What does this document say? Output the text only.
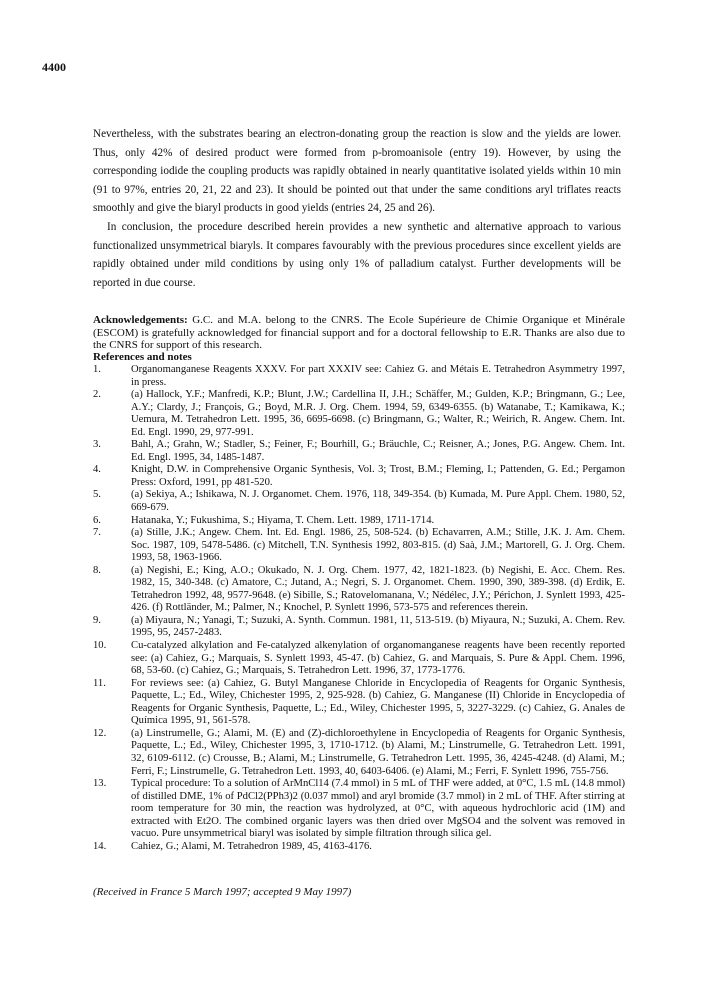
4400

Nevertheless, with the substrates bearing an electron-donating group the reaction is slow and the yields are lower. Thus, only 42% of desired product were formed from p-bromoanisole (entry 19). However, by using the corresponding iodide the coupling products was rapidly obtained in nearly quantitative isolated yields within 10 min (91 to 97%, entries 20, 21, 22 and 23). It should be pointed out that under the same conditions aryl triflates reacts smoothly and give the biaryl products in good yields (entries 24, 25 and 26).

In conclusion, the procedure described herein provides a new synthetic and alternative approach to various functionalized unsymmetrical biaryls. It compares favourably with the previous procedures since excellent yields are rapidly obtained under mild conditions by using only 1% of palladium catalyst. Further developments will be reported in due course.

Acknowledgements: G.C. and M.A. belong to the CNRS. The Ecole Supérieure de Chimie Organique et Minérale (ESCOM) is gratefully acknowledged for financial support and for a doctoral fellowship to E.R. Thanks are also due to the CNRS for support of this research.
References and notes
1.	Organomanganese Reagents XXXV. For part XXXIV see: Cahiez G. and Métais E. Tetrahedron Asymmetry 1997, in press.
2.	(a) Hallock, Y.F.; Manfredi, K.P.; Blunt, J.W.; Cardellina II, J.H.; Schäffer, M.; Gulden, K.P.; Bringmann, G.; Lee, A.Y.; Clardy, J.; François, G.; Boyd, M.R. J. Org. Chem. 1994, 59, 6349-6355. (b) Watanabe, T.; Kamikawa, K.; Uemura, M. Tetrahedron Lett. 1995, 36, 6695-6698. (c) Bringmann, G.; Walter, R.; Weirich, R. Angew. Chem. Int. Ed. Engl. 1990, 29, 977-991.
3.	Bahl, A.; Grahn, W.; Stadler, S.; Feiner, F.; Bourhill, G.; Bräuchle, C.; Reisner, A.; Jones, P.G. Angew. Chem. Int. Ed. Engl. 1995, 34, 1485-1487.
4.	Knight, D.W. in Comprehensive Organic Synthesis, Vol. 3; Trost, B.M.; Fleming, I.; Pattenden, G. Ed.; Pergamon Press: Oxford, 1991, pp 481-520.
5.	(a) Sekiya, A.; Ishikawa, N. J. Organomet. Chem. 1976, 118, 349-354. (b) Kumada, M. Pure Appl. Chem. 1980, 52, 669-679.
6.	Hatanaka, Y.; Fukushima, S.; Hiyama, T. Chem. Lett. 1989, 1711-1714.
7.	(a) Stille, J.K.; Angew. Chem. Int. Ed. Engl. 1986, 25, 508-524. (b) Echavarren, A.M.; Stille, J.K. J. Am. Chem. Soc. 1987, 109, 5478-5486. (c) Mitchell, T.N. Synthesis 1992, 803-815. (d) Saà, J.M.; Martorell, G. J. Org. Chem. 1993, 58, 1963-1966.
8.	(a) Negishi, E.; King, A.O.; Okukado, N. J. Org. Chem. 1977, 42, 1821-1823. (b) Negishi, E. Acc. Chem. Res. 1982, 15, 340-348. (c) Amatore, C.; Jutand, A.; Negri, S. J. Organomet. Chem. 1990, 390, 389-398. (d) Erdik, E. Tetrahedron 1992, 48, 9577-9648. (e) Sibille, S.; Ratovelomanana, V.; Nédélec, J.Y.; Périchon, J. Synlett 1993, 425-426. (f) Rottländer, M.; Palmer, N.; Knochel, P. Synlett 1996, 573-575 and references therein.
9.	(a) Miyaura, N.; Yanagi, T.; Suzuki, A. Synth. Commun. 1981, 11, 513-519. (b) Miyaura, N.; Suzuki, A. Chem. Rev. 1995, 95, 2457-2483.
10.	Cu-catalyzed alkylation and Fe-catalyzed alkenylation of organomanganese reagents have been recently reported see: (a) Cahiez, G.; Marquais, S. Synlett 1993, 45-47. (b) Cahiez, G. and Marquais, S. Pure & Appl. Chem. 1996, 68, 53-60. (c) Cahiez, G.; Marquais, S. Tetrahedron Lett. 1996, 37, 1773-1776.
11.	For reviews see: (a) Cahiez, G. Butyl Manganese Chloride in Encyclopedia of Reagents for Organic Synthesis, Paquette, L.; Ed., Wiley, Chichester 1995, 2, 925-928. (b) Cahiez, G. Manganese (II) Chloride in Encyclopedia of Reagents for Organic Synthesis, Paquette, L.; Ed., Wiley, Chichester 1995, 5, 3227-3229. (c) Cahiez, G. Anales de Química 1995, 91, 561-578.
12.	(a) Linstrumelle, G.; Alami, M. (E) and (Z)-dichloroethylene in Encyclopedia of Reagents for Organic Synthesis, Paquette, L.; Ed., Wiley, Chichester 1995, 3, 1710-1712. (b) Alami, M.; Linstrumelle, G. Tetrahedron Lett. 1991, 32, 6109-6112. (c) Crousse, B.; Alami, M.; Linstrumelle, G. Tetrahedron Lett. 1995, 36, 4245-4248. (d) Alami, M.; Ferri, F.; Linstrumelle, G. Tetrahedron Lett. 1993, 40, 6403-6406. (e) Alami, M.; Ferri, F. Synlett 1996, 755-756.
13.	Typical procedure: To a solution of ArMnCl14 (7.4 mmol) in 5 mL of THF were added, at 0°C, 1.5 mL (14.8 mmol) of distilled DME, 1% of PdCl2(PPh3)2 (0.037 mmol) and aryl bromide (3.7 mmol) in 2 mL of THF. After stirring at room temperature for 30 min, the reaction was hydrolyzed, at 0°C, with aqueous hydrochloric acid (1M) and extracted with Et2O. The combined organic layers was then dried over MgSO4 and the solvent was removed in vacuo. Pure unsymmetrical biaryl was isolated by simple filtration through silica gel.
14.	Cahiez, G.; Alami, M. Tetrahedron 1989, 45, 4163-4176.
(Received in France 5 March 1997; accepted 9 May 1997)
